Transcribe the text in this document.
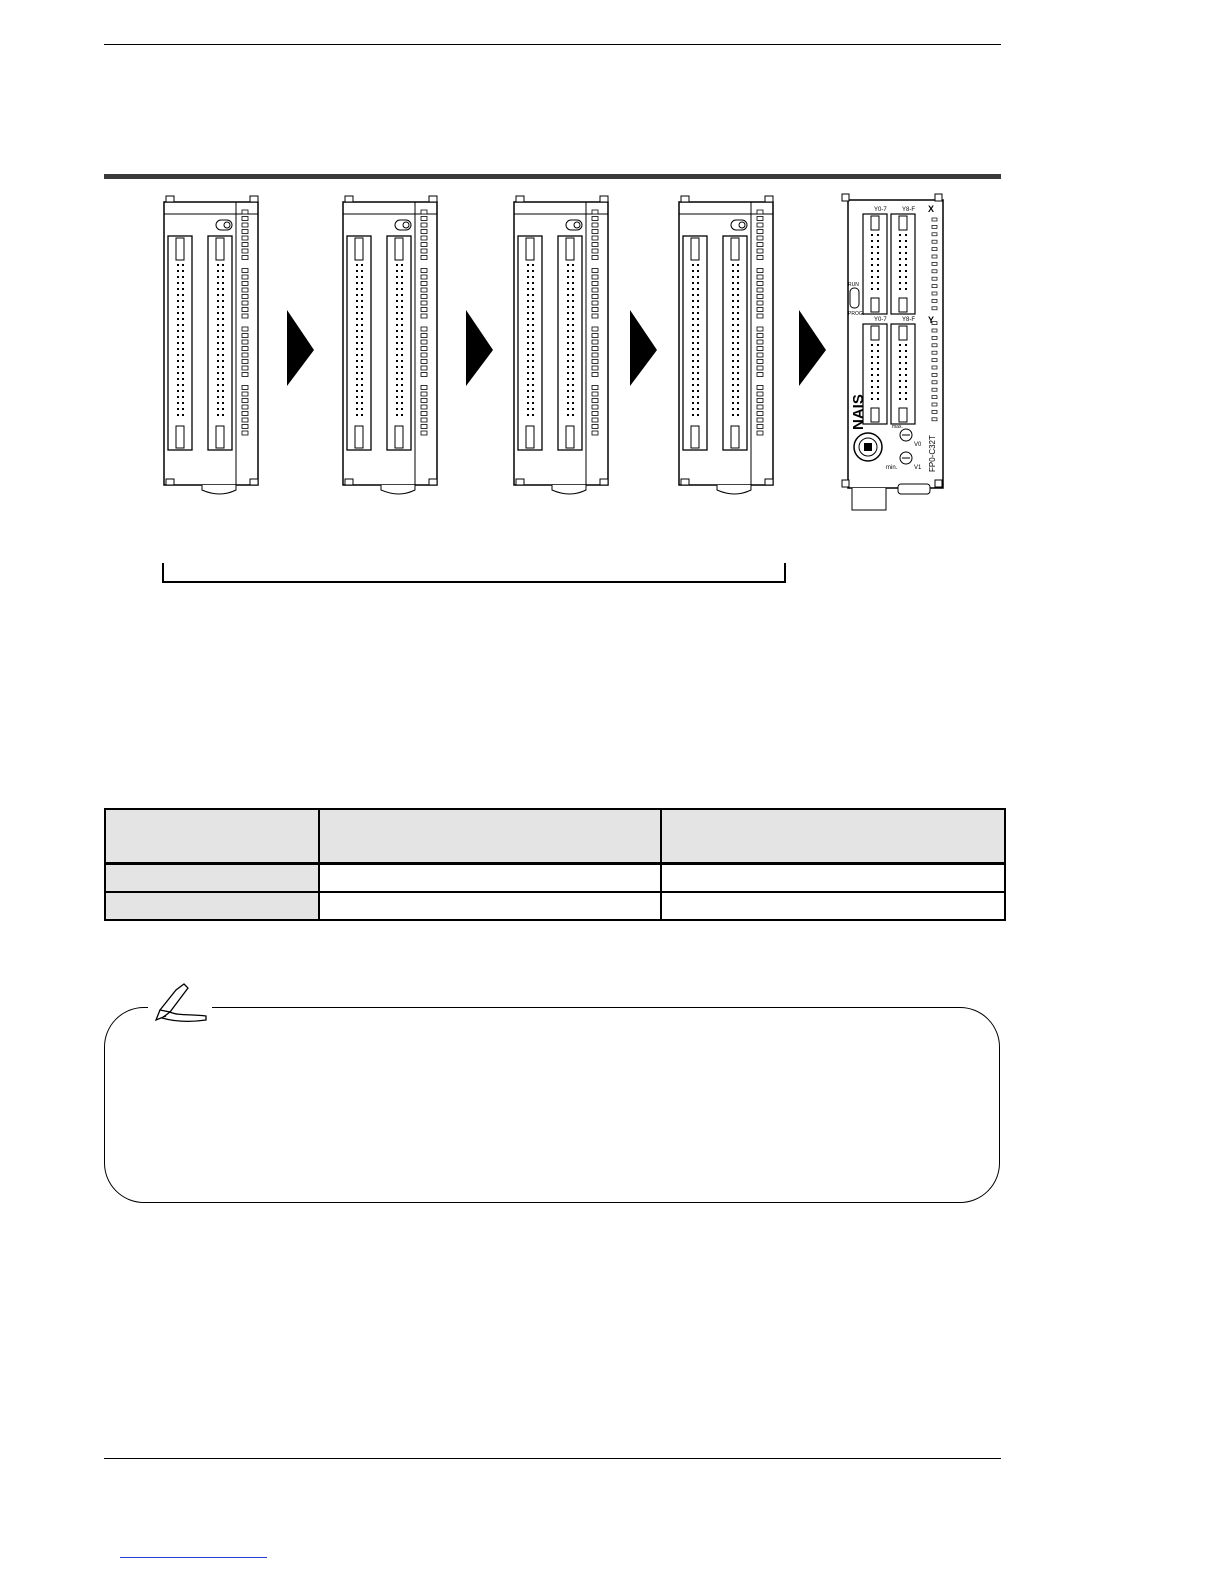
Y0-7	Y8-F
Y0-7	Y8-F
X
Y
RUN
PROG.
NAIS
FP0-C32T
V0
V1
max.
min.
